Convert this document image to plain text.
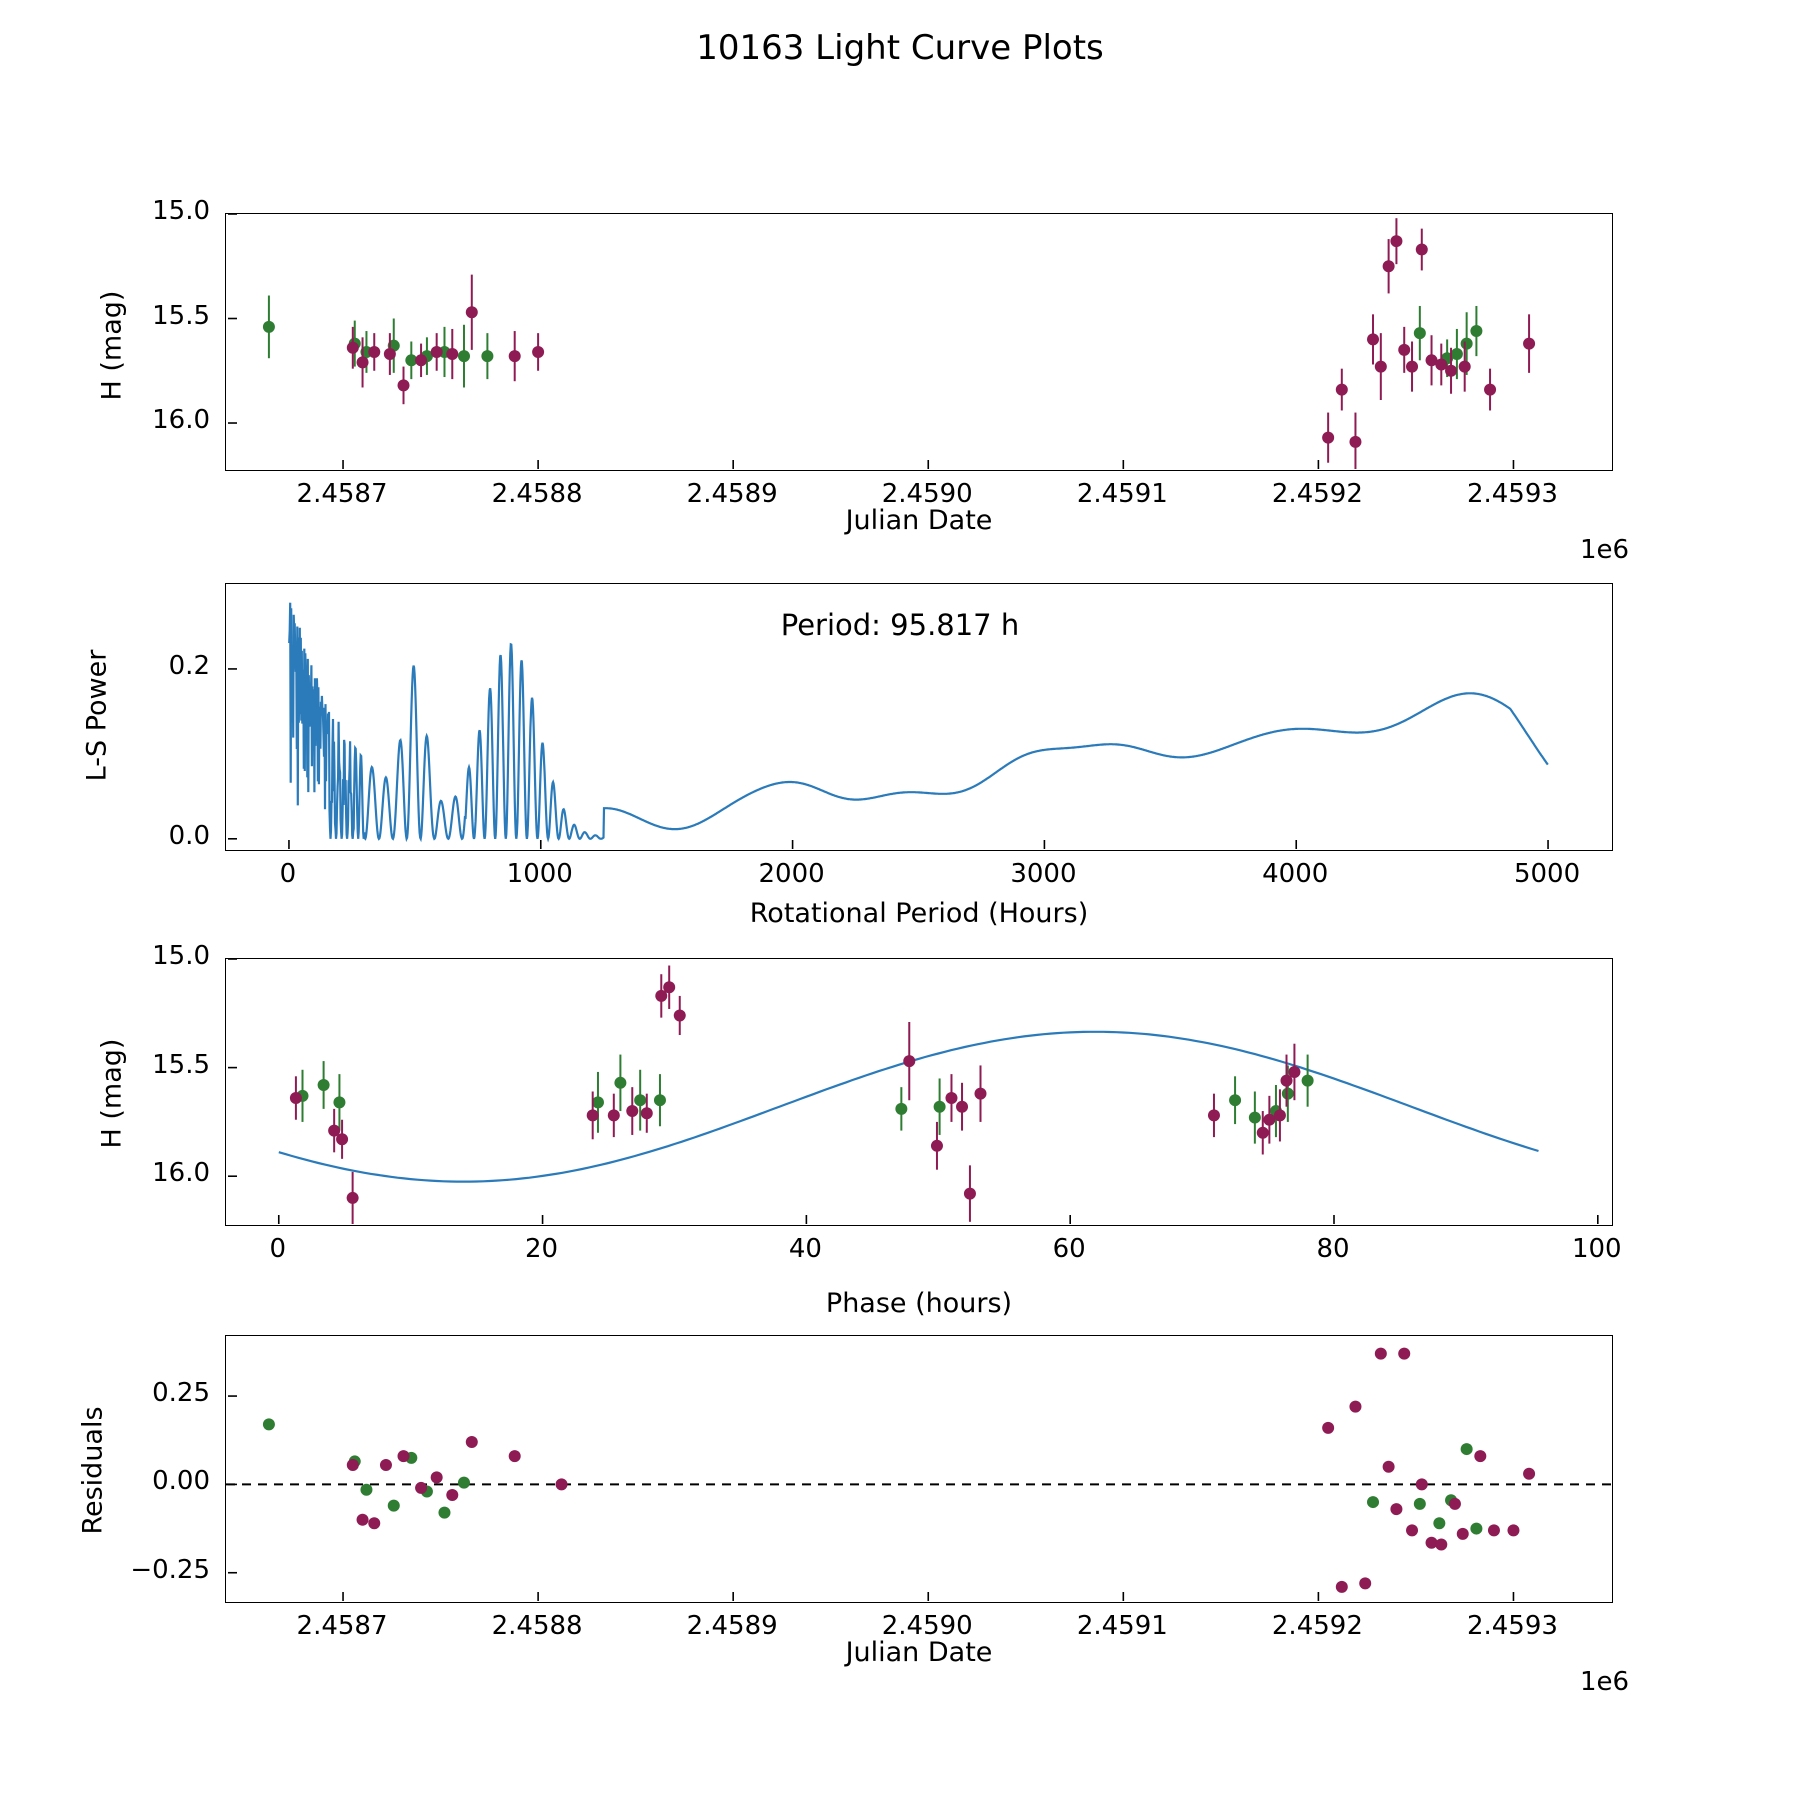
10163 Light Curve Plots
Julian Date
H (mag)
1e6
Period: 95.817 h
Rotational Period (Hours)
L-S Power
Phase (hours)
H (mag)
Julian Date
Residuals
1e6
2.4587	2.4588	2.4589	2.4590	2.4591	2.4592	2.4593
15.0
15.5
16.0
0	1000	2000	3000	4000	5000
0.0
0.2
0	20	40	60	80	100
15.0
15.5
16.0
2.4587	2.4588	2.4589	2.4590	2.4591	2.4592	2.4593
−0.25
0.00
0.25
